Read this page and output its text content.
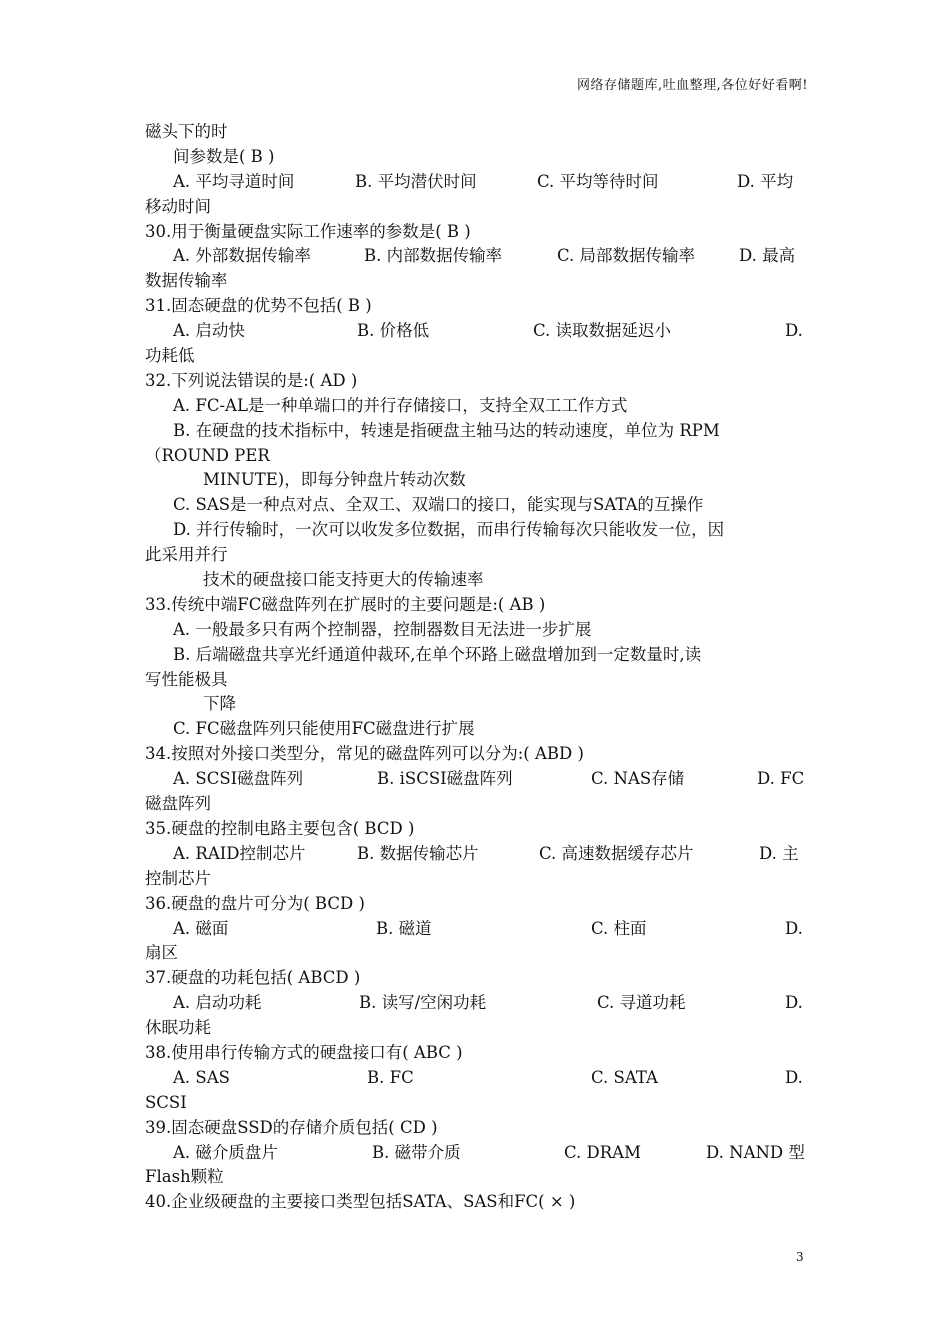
网络存储题库,吐血整理,各位好好看啊!
磁头下的时
间参数是( B )
A. 平均寻道时间	B. 平均潜伏时间	C. 平均等待时间	D. 平均
移动时间
30.用于衡量硬盘实际工作速率的参数是( B )
A. 外部数据传输率	B. 内部数据传输率	C. 局部数据传输率	D. 最高
数据传输率
31.固态硬盘的优势不包括( B )
A. 启动快	B. 价格低	C. 读取数据延迟小	D.
功耗低
32.下列说法错误的是:( AD )
A. FC-AL是一种单端口的并行存储接口，支持全双工工作方式
B. 在硬盘的技术指标中，转速是指硬盘主轴马达的转动速度，单位为 RPM
（ROUND PER
MINUTE)，即每分钟盘片转动次数
C. SAS是一种点对点、全双工、双端口的接口，能实现与SATA的互操作
D. 并行传输时，一次可以收发多位数据，而串行传输每次只能收发一位，因
此采用并行
技术的硬盘接口能支持更大的传输速率
33.传统中端FC磁盘阵列在扩展时的主要问题是:( AB )
A. 一般最多只有两个控制器，控制器数目无法进一步扩展
B. 后端磁盘共享光纤通道仲裁环,在单个环路上磁盘增加到一定数量时,读
写性能极具
下降
C. FC磁盘阵列只能使用FC磁盘进行扩展
34.按照对外接口类型分，常见的磁盘阵列可以分为:( ABD )
A. SCSI磁盘阵列	B. iSCSI磁盘阵列	C. NAS存储	D. FC
磁盘阵列
35.硬盘的控制电路主要包含( BCD )
A. RAID控制芯片	B. 数据传输芯片	C. 高速数据缓存芯片	D. 主
控制芯片
36.硬盘的盘片可分为( BCD )
A. 磁面	B. 磁道	C. 柱面	D.
扇区
37.硬盘的功耗包括( ABCD )
A. 启动功耗	B. 读写/空闲功耗	C. 寻道功耗	D.
休眠功耗
38.使用串行传输方式的硬盘接口有( ABC )
A. SAS	B. FC	C. SATA	D.
SCSI
39.固态硬盘SSD的存储介质包括( CD )
A. 磁介质盘片	B. 磁带介质	C. DRAM	D. NAND 型
Flash颗粒
40.企业级硬盘的主要接口类型包括SATA、SAS和FC( × )
3
